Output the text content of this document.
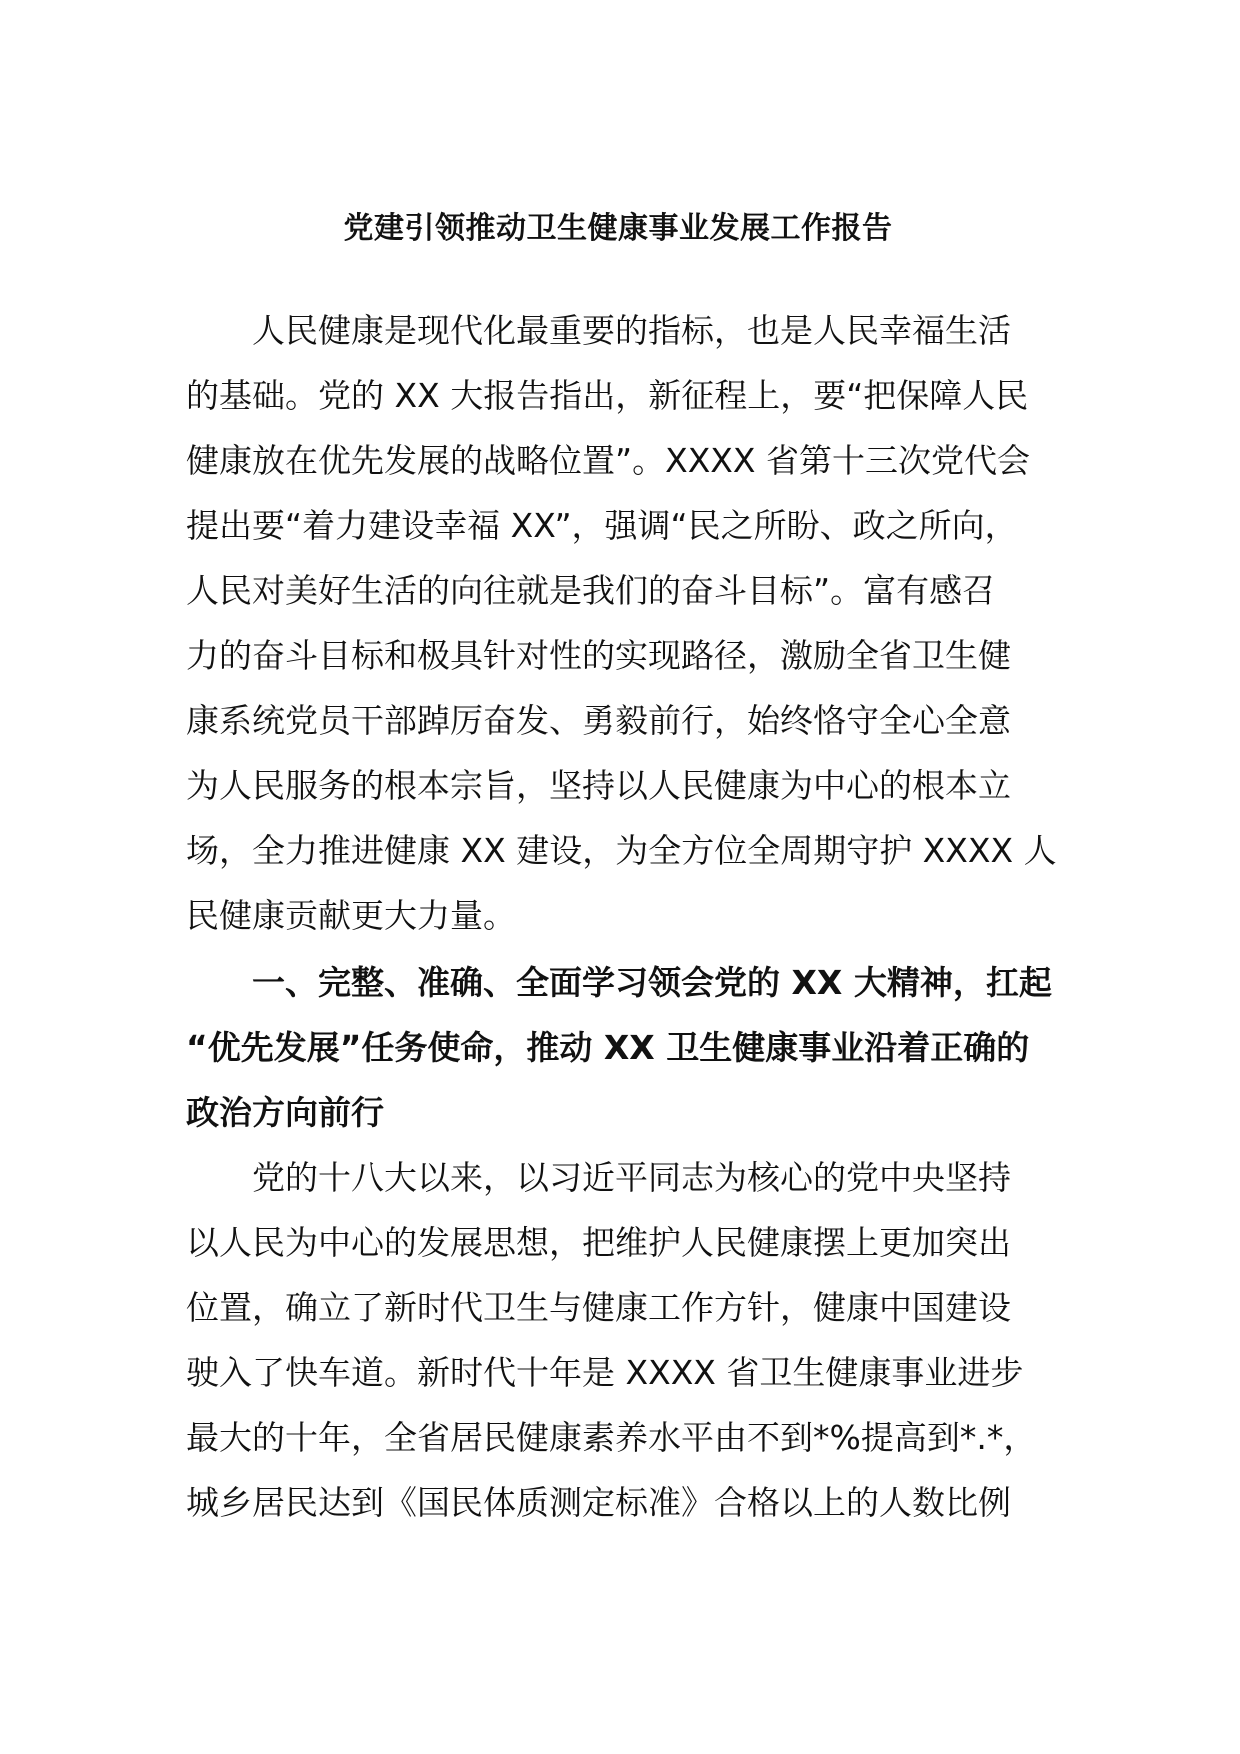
党建引领推动卫生健康事业发展工作报告
人民健康是现代化最重要的指标，也是人民幸福生活
的基础。党的 XX 大报告指出，新征程上，要“把保障人民
健康放在优先发展的战略位置”。XXXX 省第十三次党代会
提出要“着力建设幸福 XX”，强调“民之所盼、政之所向，
人民对美好生活的向往就是我们的奋斗目标”。富有感召
力的奋斗目标和极具针对性的实现路径，激励全省卫生健
康系统党员干部踔厉奋发、勇毅前行，始终恪守全心全意
为人民服务的根本宗旨，坚持以人民健康为中心的根本立
场，全力推进健康 XX 建设，为全方位全周期守护 XXXX 人
民健康贡献更大力量。
一、完整、准确、全面学习领会党的 XX 大精神，扛起
“优先发展”任务使命，推动 XX 卫生健康事业沿着正确的
政治方向前行
党的十八大以来，以习近平同志为核心的党中央坚持
以人民为中心的发展思想，把维护人民健康摆上更加突出
位置，确立了新时代卫生与健康工作方针，健康中国建设
驶入了快车道。新时代十年是 XXXX 省卫生健康事业进步
最大的十年，全省居民健康素养水平由不到*%提高到*.*，
城乡居民达到《国民体质测定标准》合格以上的人数比例
